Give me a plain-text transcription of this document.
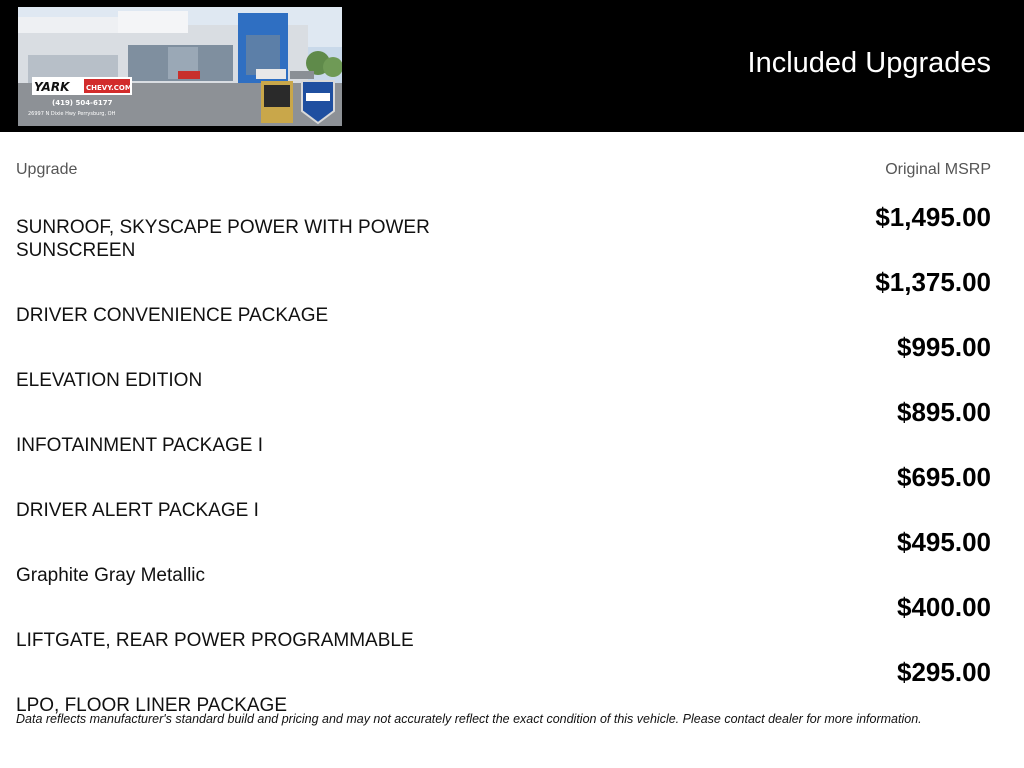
YARK CHEVY.COM
(419) 504-6177
26997 N Dixie Hwy Perrysburg, OH
Included Upgrades
Upgrade	Original MSRP
SUNROOF, SKYSCAPE POWER WITH POWER SUNSCREEN
$1,495.00
DRIVER CONVENIENCE PACKAGE
$1,375.00
ELEVATION EDITION
$995.00
INFOTAINMENT PACKAGE I
$895.00
DRIVER ALERT PACKAGE I
$695.00
Graphite Gray Metallic
$495.00
LIFTGATE, REAR POWER PROGRAMMABLE
$400.00
LPO, FLOOR LINER PACKAGE
$295.00
Data reflects manufacturer's standard build and pricing and may not accurately reflect the exact condition of this vehicle. Please contact dealer for more information.
